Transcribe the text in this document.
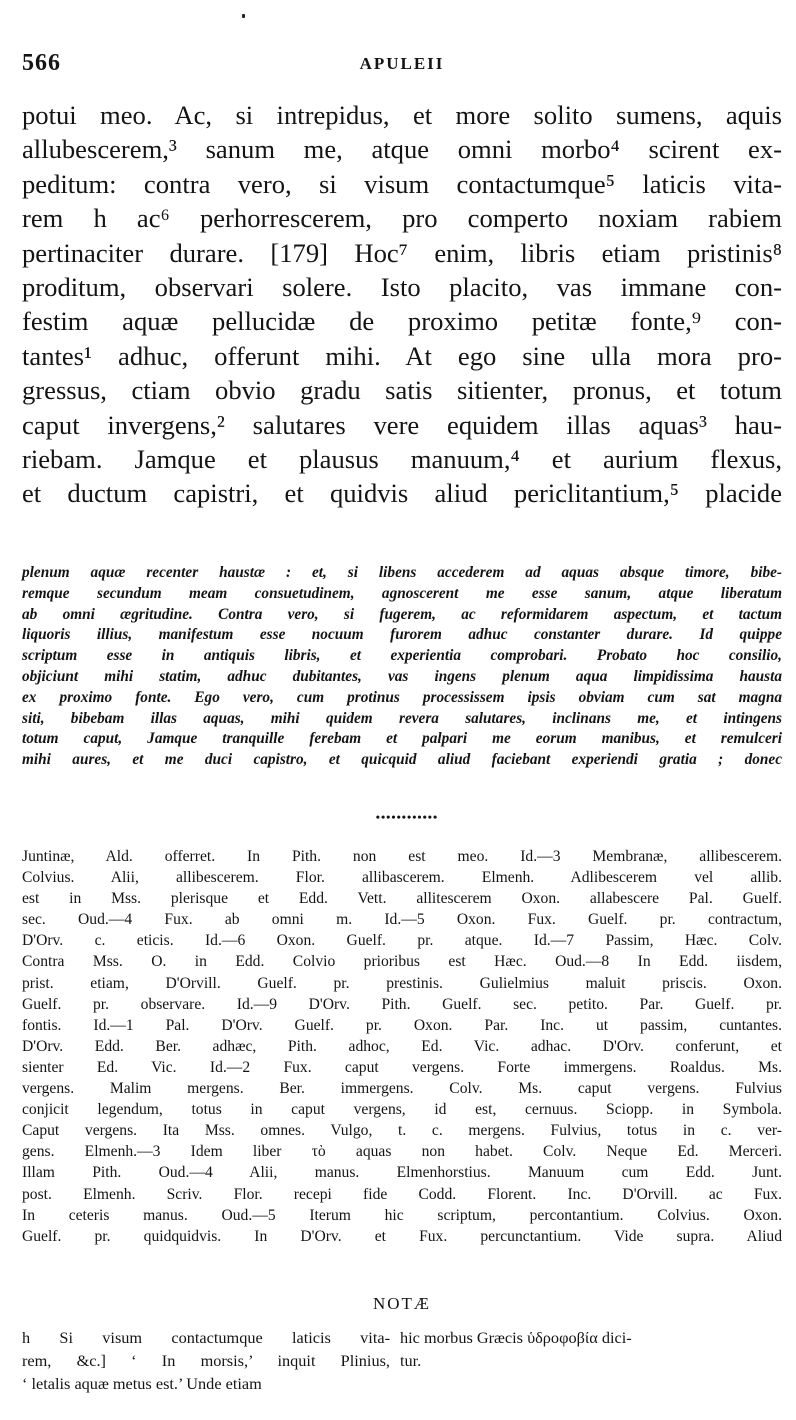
566	APULEII
potui meo. Ac, si intrepidus, et more solito sumens, aquis
allubescerem,³ sanum me, atque omni morbo⁴ scirent ex-
peditum: contra vero, si visum contactumque⁵ laticis vita-
rem h ac⁶ perhorrescerem, pro comperto noxiam rabiem
pertinaciter durare. [179] Hoc⁷ enim, libris etiam pristinis⁸
proditum, observari solere. Isto placito, vas immane con-
festim aquæ pellucidæ de proximo petitæ fonte,⁹ con-
tantes¹ adhuc, offerunt mihi. At ego sine ulla mora pro-
gressus, ctiam obvio gradu satis sitienter, pronus, et totum
caput invergens,² salutares vere equidem illas aquas³ hau-
riebam. Jamque et plausus manuum,⁴ et aurium flexus,
et ductum capistri, et quidvis aliud periclitantium,⁵ placide
plenum aquæ recenter haustæ : et, si libens accederem ad aquas absque timore, bibe-
remque secundum meam consuetudinem, agnoscerent me esse sanum, atque liberatum
ab omni ægritudine. Contra vero, si fugerem, ac reformidarem aspectum, et tactum
liquoris illius, manifestum esse nocuum furorem adhuc constanter durare. Id quippe
scriptum esse in antiquis libris, et experientia comprobari. Probato hoc consilio,
objiciunt mihi statim, adhuc dubitantes, vas ingens plenum aqua limpidissima hausta
ex proximo fonte. Ego vero, cum protinus processissem ipsis obviam cum sat magna
siti, bibebam illas aquas, mihi quidem revera salutares, inclinans me, et intingens
totum caput, Jamque tranquille ferebam et palpari me eorum manibus, et remulceri
mihi aures, et me duci capistro, et quicquid aliud faciebant experiendi gratia ; donec
••••••••••••
Juntinæ, Ald. offerret. In Pith. non est meo. Id.—3 Membranæ, allibescerem.
Colvius. Alii, allibescerem. Flor. allibascerem. Elmenh. Adlibescerem vel allib.
est in Mss. plerisque et Edd. Vett. allitescerem Oxon. allabescere Pal. Guelf.
sec. Oud.—4 Fux. ab omni m. Id.—5 Oxon. Fux. Guelf. pr. contractum,
D'Orv. c. eticis. Id.—6 Oxon. Guelf. pr. atque. Id.—7 Passim, Hæc. Colv.
Contra Mss. O. in Edd. Colvio prioribus est Hæc. Oud.—8 In Edd. iisdem,
prist. etiam, D'Orvill. Guelf. pr. prestinis. Gulielmius maluit priscis. Oxon.
Guelf. pr. observare. Id.—9 D'Orv. Pith. Guelf. sec. petito. Par. Guelf. pr.
fontis. Id.—1 Pal. D'Orv. Guelf. pr. Oxon. Par. Inc. ut passim, cuntantes.
D'Orv. Edd. Ber. adhæc, Pith. adhoc, Ed. Vic. adhac. D'Orv. conferunt, et
sienter Ed. Vic. Id.—2 Fux. caput vergens. Forte immergens. Roaldus. Ms.
vergens. Malim mergens. Ber. immergens. Colv. Ms. caput vergens. Fulvius
conjicit legendum, totus in caput vergens, id est, cernuus. Sciopp. in Symbola.
Caput vergens. Ita Mss. omnes. Vulgo, t. c. mergens. Fulvius, totus in c. ver-
gens. Elmenh.—3 Idem liber τὸ aquas non habet. Colv. Neque Ed. Merceri.
Illam Pith. Oud.—4 Alii, manus. Elmenhorstius. Manuum cum Edd. Junt.
post. Elmenh. Scriv. Flor. recepi fide Codd. Florent. Inc. D'Orvill. ac Fux.
In ceteris manus. Oud.—5 Iterum hic scriptum, percontantium. Colvius. Oxon.
Guelf. pr. quidquidvis. In D'Orv. et Fux. percunctantium. Vide supra. Aliud
NOTÆ
h Si visum contactumque laticis vita-
rem, &c.] ‘ In morsis,’ inquit Plinius,
‘ letalis aquæ metus est.’ Unde etiam
hic morbus Græcis ὑδροφοβία dici-
tur.
